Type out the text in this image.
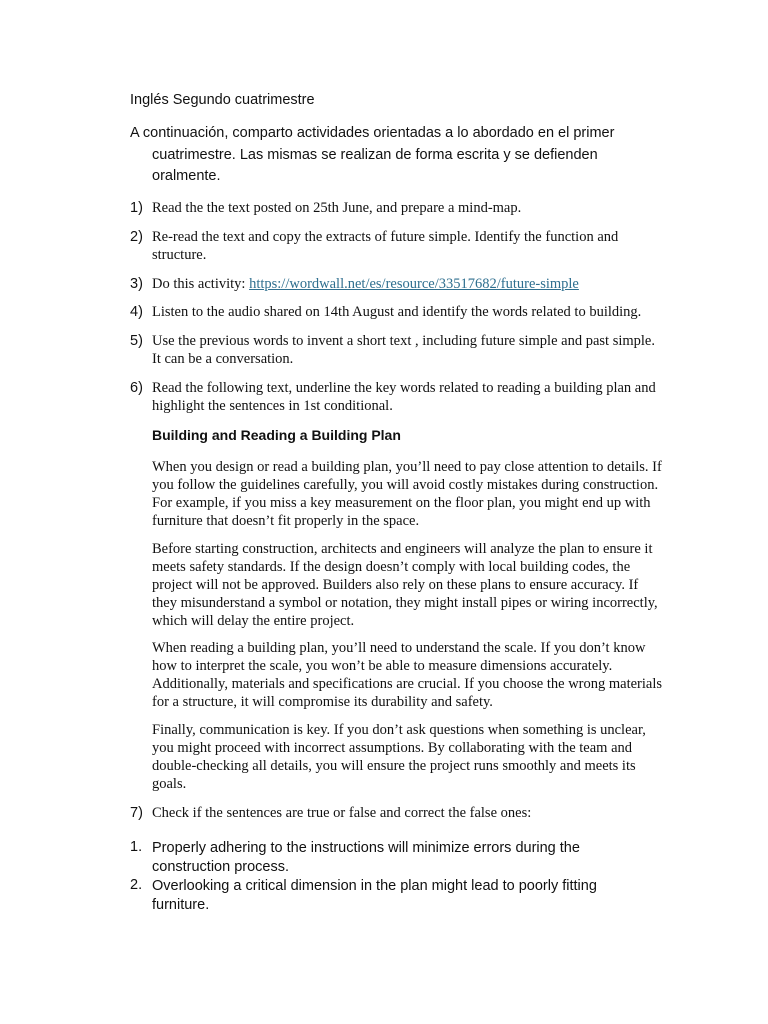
Inglés Segundo cuatrimestre
A continuación, comparto actividades orientadas a lo abordado en el primer cuatrimestre. Las mismas se realizan de forma escrita y se defienden oralmente.
1) Read the the text posted on 25th June, and prepare a mind-map.
2) Re-read the text and copy the extracts of future simple. Identify the function and structure.
3) Do this activity: https://wordwall.net/es/resource/33517682/future-simple
4) Listen to the audio shared on 14th August and identify the words related to building.
5) Use the previous words to invent a short text , including future simple and past simple. It can be a conversation.
6) Read the following text, underline the key words related to reading a building plan and highlight the sentences in 1st conditional.
Building and Reading a Building Plan
When you design or read a building plan, you’ll need to pay close attention to details. If you follow the guidelines carefully, you will avoid costly mistakes during construction. For example, if you miss a key measurement on the floor plan, you might end up with furniture that doesn’t fit properly in the space.
Before starting construction, architects and engineers will analyze the plan to ensure it meets safety standards. If the design doesn’t comply with local building codes, the project will not be approved. Builders also rely on these plans to ensure accuracy. If they misunderstand a symbol or notation, they might install pipes or wiring incorrectly, which will delay the entire project.
When reading a building plan, you’ll need to understand the scale. If you don’t know how to interpret the scale, you won’t be able to measure dimensions accurately. Additionally, materials and specifications are crucial. If you choose the wrong materials for a structure, it will compromise its durability and safety.
Finally, communication is key. If you don’t ask questions when something is unclear, you might proceed with incorrect assumptions. By collaborating with the team and double-checking all details, you will ensure the project runs smoothly and meets its goals.
7) Check if the sentences are true or false and correct the false ones:
1. Properly adhering to the instructions will minimize errors during the construction process.
2. Overlooking a critical dimension in the plan might lead to poorly fitting furniture.
